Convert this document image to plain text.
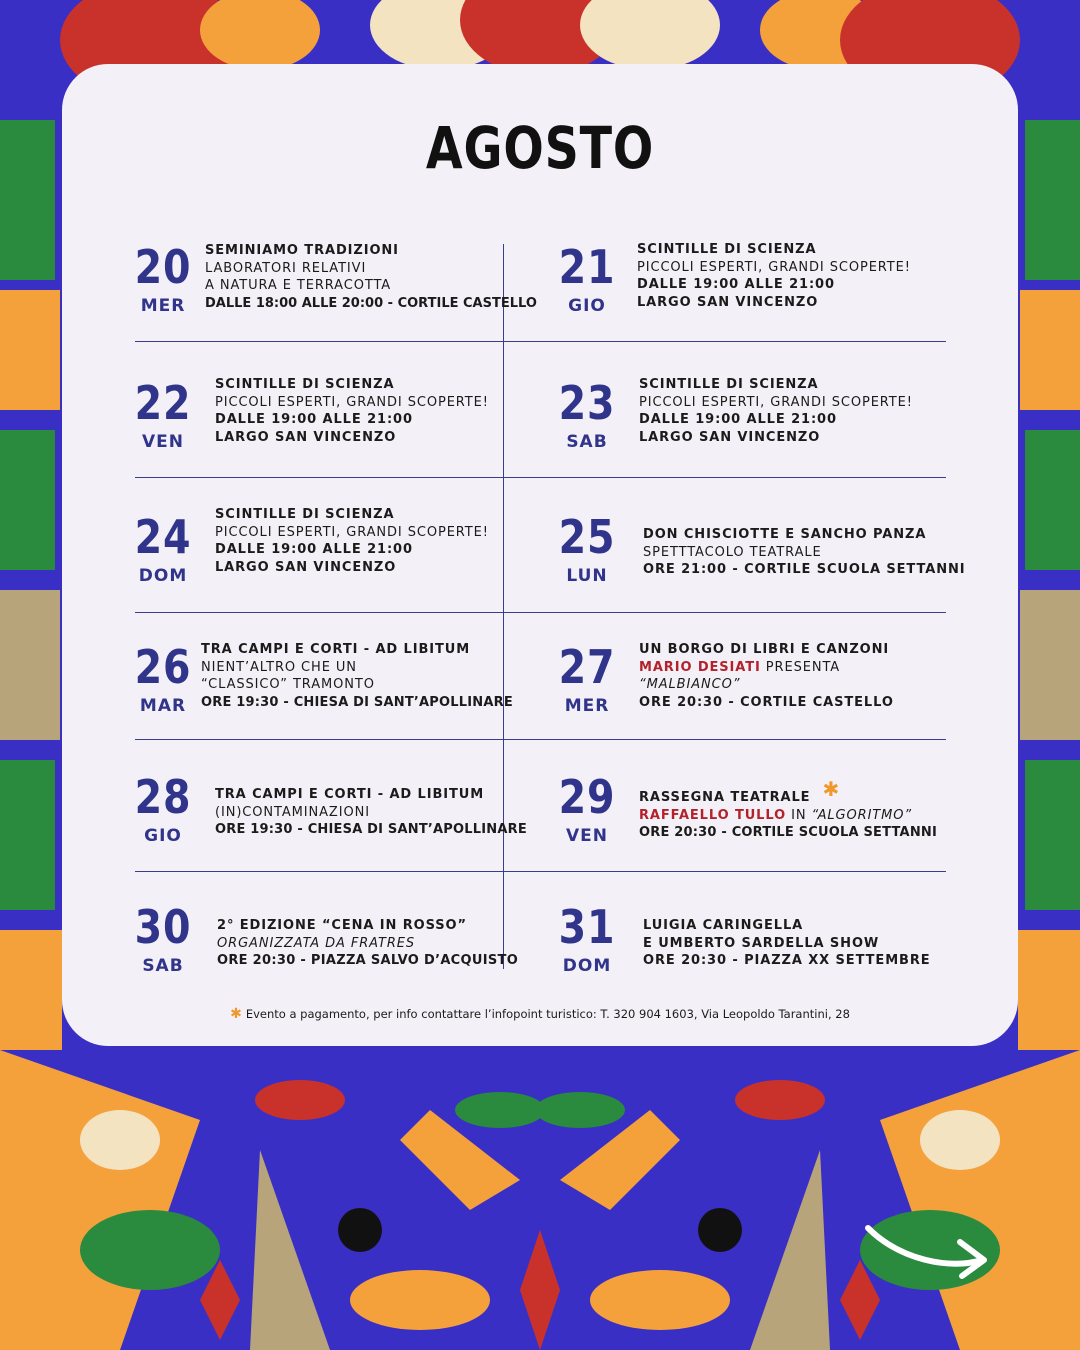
AGOSTO
20
MER
SEMINIAMO TRADIZIONI
LABORATORI RELATIVI
A NATURA E TERRACOTTA
DALLE 18:00 ALLE 20:00 - CORTILE CASTELLO
21
GIO
SCINTILLE DI SCIENZA
PICCOLI ESPERTI, GRANDI SCOPERTE!
DALLE 19:00 ALLE 21:00
LARGO SAN VINCENZO
22
VEN
SCINTILLE DI SCIENZA
PICCOLI ESPERTI, GRANDI SCOPERTE!
DALLE 19:00 ALLE 21:00
LARGO SAN VINCENZO
23
SAB
SCINTILLE DI SCIENZA
PICCOLI ESPERTI, GRANDI SCOPERTE!
DALLE 19:00 ALLE 21:00
LARGO SAN VINCENZO
24
DOM
SCINTILLE DI SCIENZA
PICCOLI ESPERTI, GRANDI SCOPERTE!
DALLE 19:00 ALLE 21:00
LARGO SAN VINCENZO
25
LUN
DON CHISCIOTTE E SANCHO PANZA
SPETTTACOLO TEATRALE
ORE 21:00 - CORTILE SCUOLA SETTANNI
26
MAR
TRA CAMPI E CORTI - AD LIBITUM
NIENT’ALTRO CHE UN
“CLASSICO” TRAMONTO
ORE 19:30 - CHIESA DI SANT’APOLLINARE
27
MER
UN BORGO DI LIBRI E CANZONI
MARIO DESIATI PRESENTA
“MALBIANCO”
ORE 20:30 - CORTILE CASTELLO
28
GIO
TRA CAMPI E CORTI - AD LIBITUM
(IN)CONTAMINAZIONI
ORE 19:30 - CHIESA DI SANT’APOLLINARE
29
VEN
RASSEGNA TEATRALE ✱
RAFFAELLO TULLO IN “ALGORITMO”
ORE 20:30 - CORTILE SCUOLA SETTANNI
30
SAB
2° EDIZIONE “CENA IN ROSSO”
ORGANIZZATA DA FRATRES
ORE 20:30 - PIAZZA SALVO D’ACQUISTO
31
DOM
LUIGIA CARINGELLA
E UMBERTO SARDELLA SHOW
ORE 20:30 - PIAZZA XX SETTEMBRE
✱ Evento a pagamento, per info contattare l’infopoint turistico: T. 320 904 1603, Via Leopoldo Tarantini, 28
